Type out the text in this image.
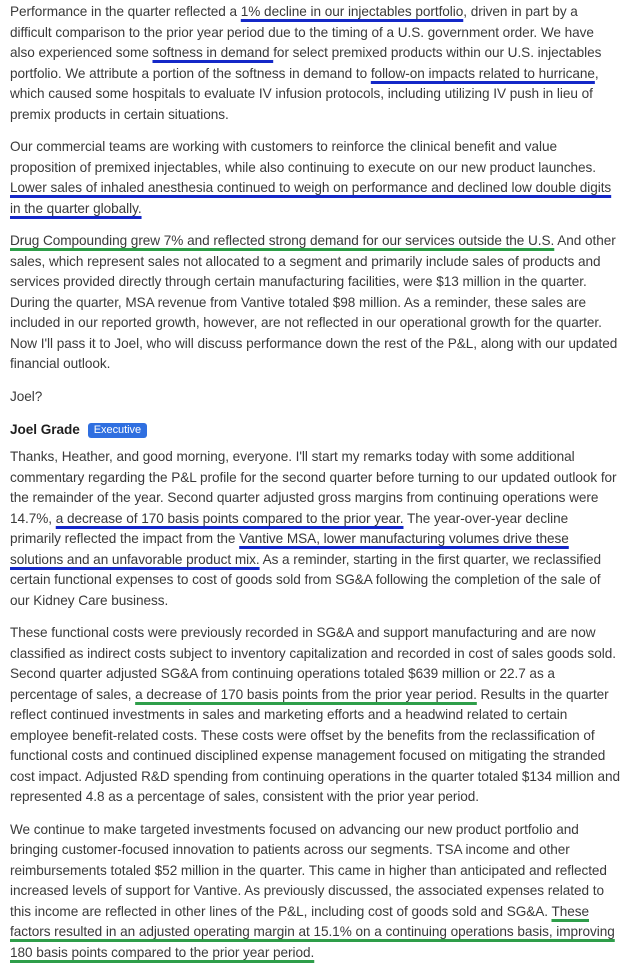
Performance in the quarter reflected a 1% decline in our injectables portfolio, driven in part by a difficult comparison to the prior year period due to the timing of a U.S. government order. We have also experienced some softness in demand for select premixed products within our U.S. injectables portfolio. We attribute a portion of the softness in demand to follow-on impacts related to hurricane, which caused some hospitals to evaluate IV infusion protocols, including utilizing IV push in lieu of premix products in certain situations.

Our commercial teams are working with customers to reinforce the clinical benefit and value proposition of premixed injectables, while also continuing to execute on our new product launches. Lower sales of inhaled anesthesia continued to weigh on performance and declined low double digits in the quarter globally.

Drug Compounding grew 7% and reflected strong demand for our services outside the U.S. And other sales, which represent sales not allocated to a segment and primarily include sales of products and services provided directly through certain manufacturing facilities, were $13 million in the quarter. During the quarter, MSA revenue from Vantive totaled $98 million. As a reminder, these sales are included in our reported growth, however, are not reflected in our operational growth for the quarter. Now I'll pass it to Joel, who will discuss performance down the rest of the P&L, along with our updated financial outlook.

Joel?

Joel Grade	Executive

Thanks, Heather, and good morning, everyone. I'll start my remarks today with some additional commentary regarding the P&L profile for the second quarter before turning to our updated outlook for the remainder of the year. Second quarter adjusted gross margins from continuing operations were 14.7%, a decrease of 170 basis points compared to the prior year. The year-over-year decline primarily reflected the impact from the Vantive MSA, lower manufacturing volumes drive these solutions and an unfavorable product mix. As a reminder, starting in the first quarter, we reclassified certain functional expenses to cost of goods sold from SG&A following the completion of the sale of our Kidney Care business.

These functional costs were previously recorded in SG&A and support manufacturing and are now classified as indirect costs subject to inventory capitalization and recorded in cost of sales goods sold. Second quarter adjusted SG&A from continuing operations totaled $639 million or 22.7 as a percentage of sales, a decrease of 170 basis points from the prior year period. Results in the quarter reflect continued investments in sales and marketing efforts and a headwind related to certain employee benefit-related costs. These costs were offset by the benefits from the reclassification of functional costs and continued disciplined expense management focused on mitigating the stranded cost impact. Adjusted R&D spending from continuing operations in the quarter totaled $134 million and represented 4.8 as a percentage of sales, consistent with the prior year period.

We continue to make targeted investments focused on advancing our new product portfolio and bringing customer-focused innovation to patients across our segments. TSA income and other reimbursements totaled $52 million in the quarter. This came in higher than anticipated and reflected increased levels of support for Vantive. As previously discussed, the associated expenses related to this income are reflected in other lines of the P&L, including cost of goods sold and SG&A. These factors resulted in an adjusted operating margin at 15.1% on a continuing operations basis, improving 180 basis points compared to the prior year period.
